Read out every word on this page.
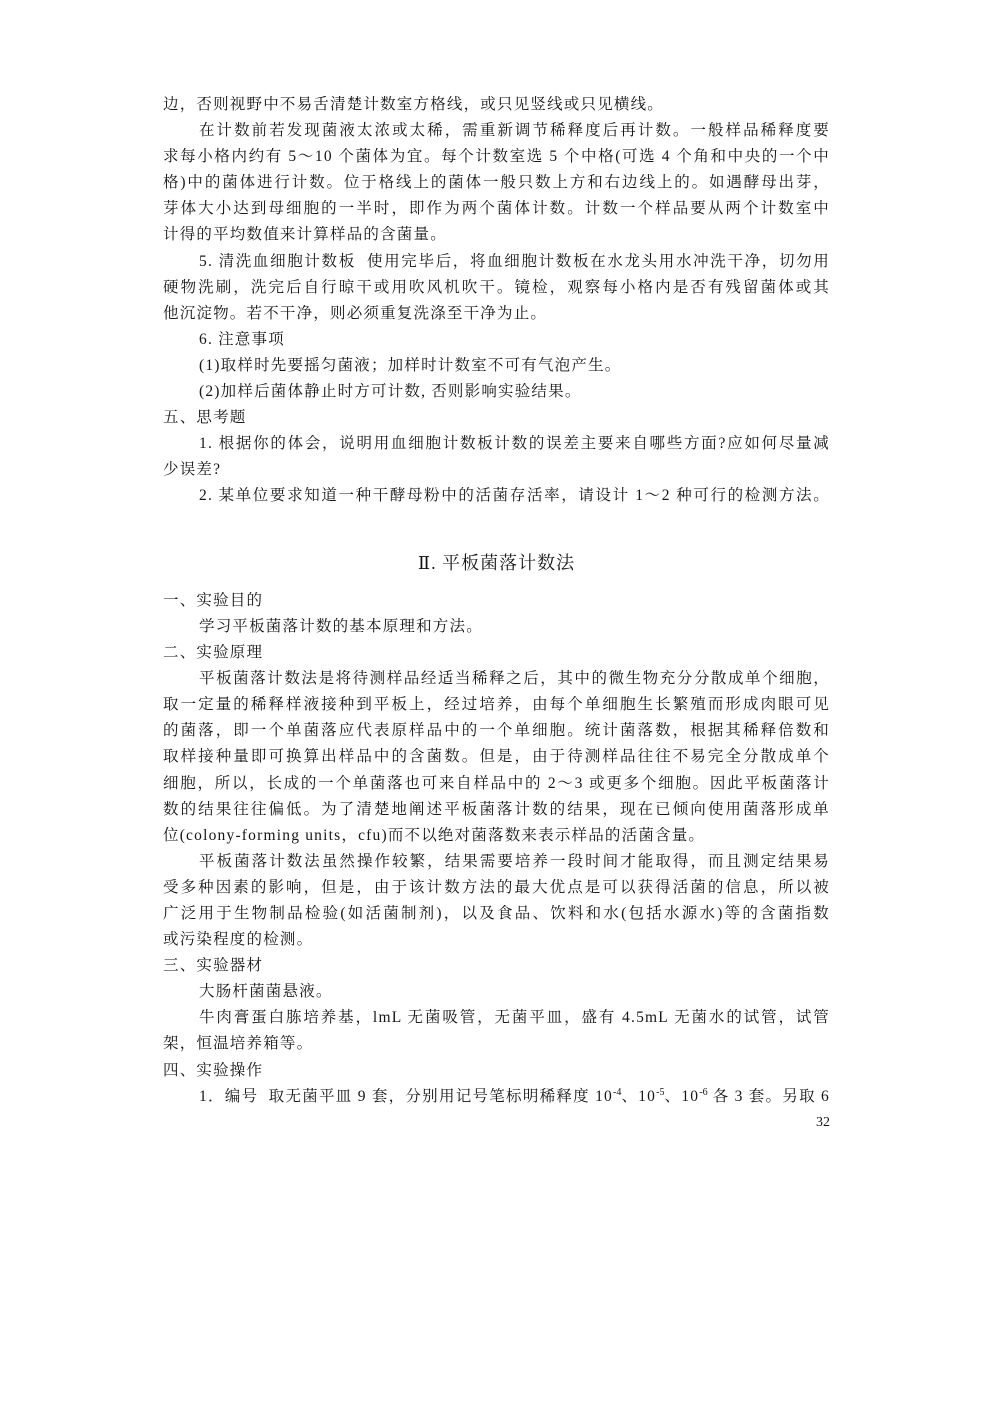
边，否则视野中不易舌清楚计数室方格线，或只见竖线或只见横线。
在计数前若发现菌液太浓或太稀，需重新调节稀释度后再计数。一般样品稀释度要
求每小格内约有 5～10 个菌体为宜。每个计数室选 5 个中格(可选 4 个角和中央的一个中
格)中的菌体进行计数。位于格线上的菌体一般只数上方和右边线上的。如遇酵母出芽，
芽体大小达到母细胞的一半时，即作为两个菌体计数。计数一个样品要从两个计数室中
计得的平均数值来计算样品的含菌量。
5. 清洗血细胞计数板  使用完毕后，将血细胞计数板在水龙头用水冲洗干净，切勿用
硬物洗刷，洗完后自行晾干或用吹风机吹干。镜检，观察每小格内是否有残留菌体或其
他沉淀物。若不干净，则必须重复洗涤至干净为止。
6. 注意事项
(1)取样时先要摇匀菌液；加样时计数室不可有气泡产生。
(2)加样后菌体静止时方可计数, 否则影响实验结果。
五、思考题
1. 根据你的体会，说明用血细胞计数板计数的误差主要来自哪些方面?应如何尽量减
少误差?
2. 某单位要求知道一种干酵母粉中的活菌存活率，请设计 1～2 种可行的检测方法。
Ⅱ. 平板菌落计数法
一、实验目的
学习平板菌落计数的基本原理和方法。
二、实验原理
平板菌落计数法是将待测样品经适当稀释之后，其中的微生物充分分散成单个细胞，
取一定量的稀释样液接种到平板上，经过培养，由每个单细胞生长繁殖而形成肉眼可见
的菌落，即一个单菌落应代表原样品中的一个单细胞。统计菌落数，根据其稀释倍数和
取样接种量即可换算出样品中的含菌数。但是，由于待测样品往往不易完全分散成单个
细胞，所以，长成的一个单菌落也可来自样品中的 2～3 或更多个细胞。因此平板菌落计
数的结果往往偏低。为了清楚地阐述平板菌落计数的结果，现在已倾向使用菌落形成单
位(colony-forming units，cfu)而不以绝对菌落数来表示样品的活菌含量。
平板菌落计数法虽然操作较繁，结果需要培养一段时间才能取得，而且测定结果易
受多种因素的影响，但是，由于该计数方法的最大优点是可以获得活菌的信息，所以被
广泛用于生物制品检验(如活菌制剂)，以及食品、饮料和水(包括水源水)等的含菌指数
或污染程度的检测。
三、实验器材
大肠杆菌菌悬液。
牛肉膏蛋白胨培养基，lmL 无菌吸管，无菌平皿，盛有 4.5mL 无菌水的试管，试管
架，恒温培养箱等。
四、实验操作
1．编号  取无菌平皿 9 套，分别用记号笔标明稀释度 $10^{-4}$、$10^{-5}$、$10^{-6}$ 各 3 套。另取 6
32
